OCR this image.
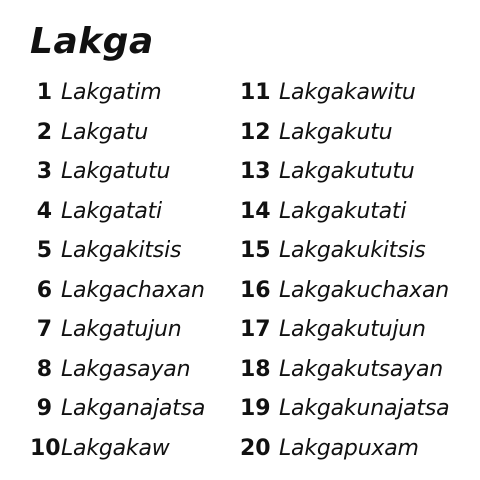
Lakga
1 Lakgatim
2 Lakgatu
3 Lakgatutu
4 Lakgatati
5 Lakgakitsis
6 Lakgachaxan
7 Lakgatujun
8 Lakgasayan
9 Lakganajatsa
10 Lakgakaw
11 Lakgakawitu
12 Lakgakutu
13 Lakgakututu
14 Lakgakutati
15 Lakgakukitsis
16 Lakgakuchaxan
17 Lakgakutujun
18 Lakgakutsayan
19 Lakgakunajatsa
20 Lakgapuxam
